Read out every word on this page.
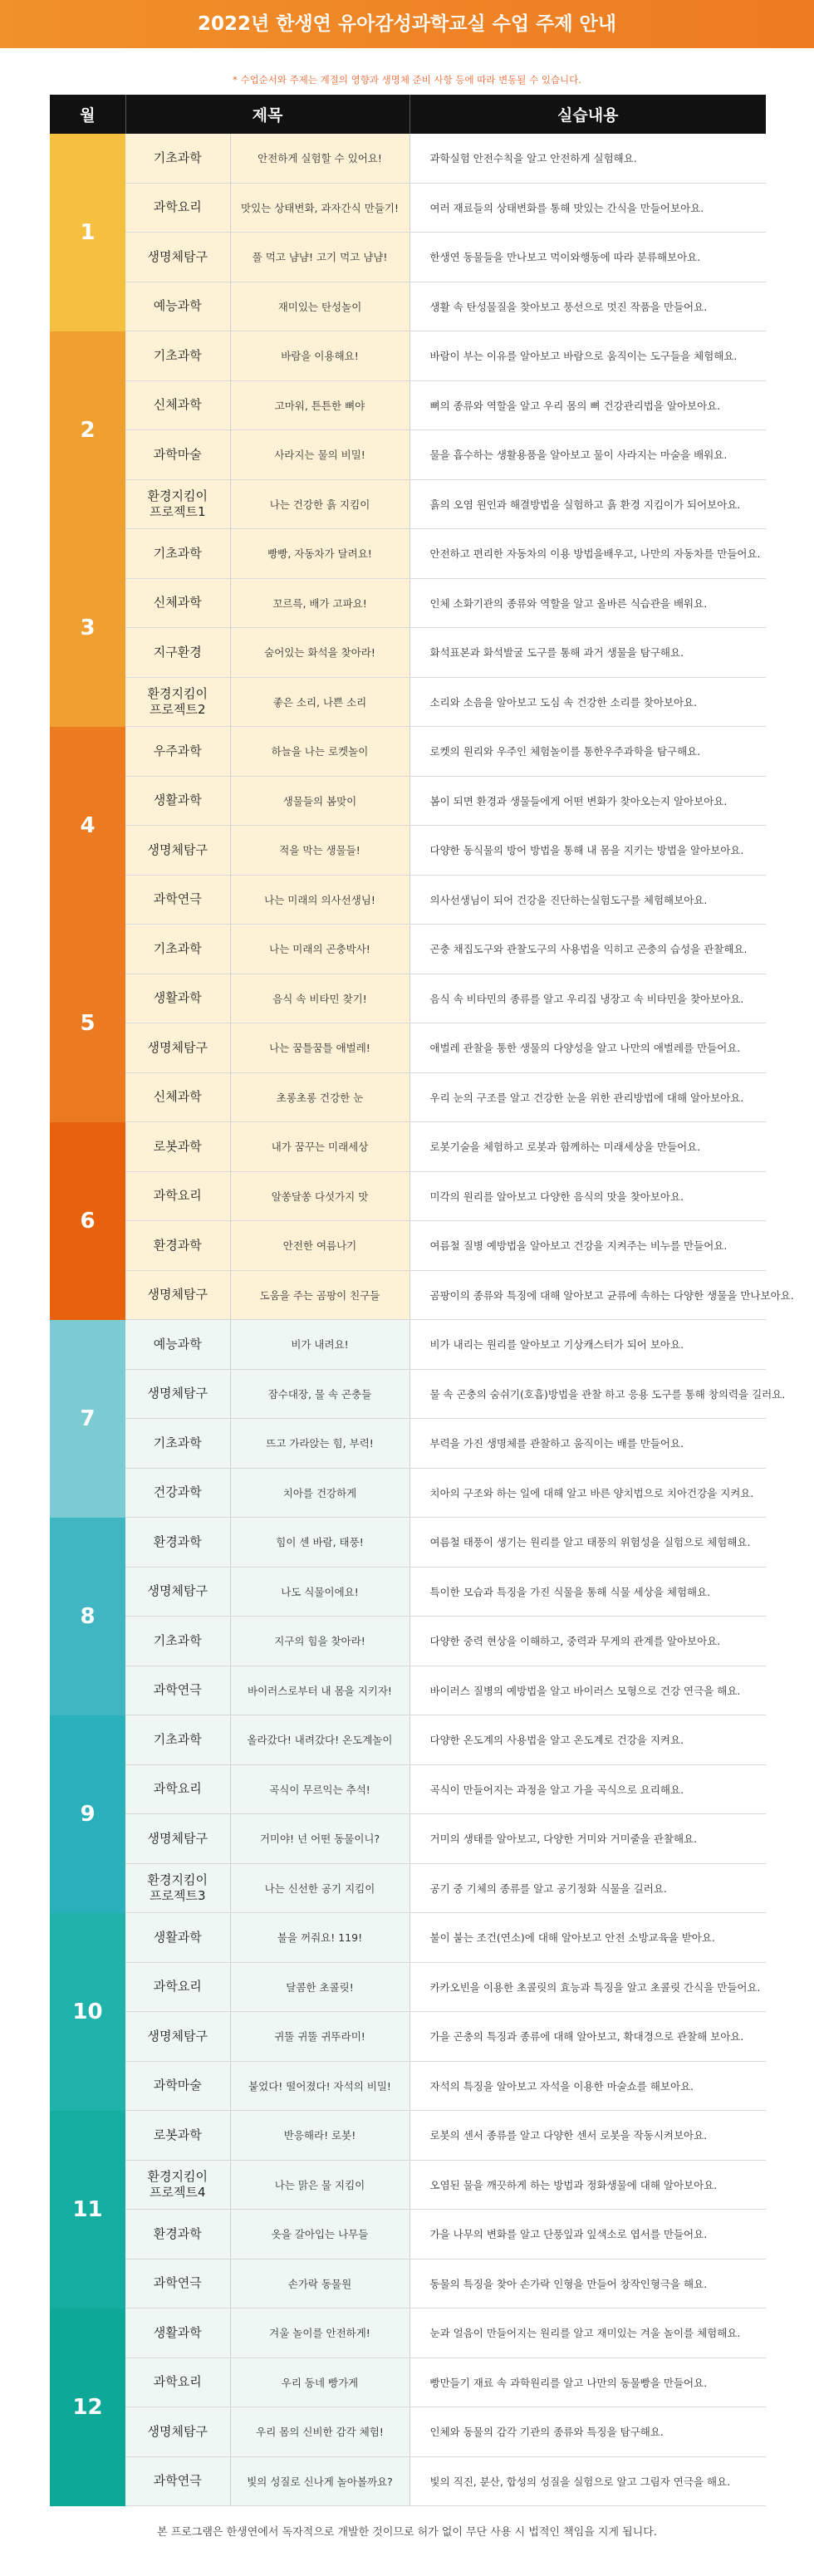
2022년 한생연 유아감성과학교실 수업 주제 안내
* 수업순서와 주제는 계절의 영향과 생명체 준비 사항 등에 따라 변동될 수 있습니다.
월	제목		실습내용
1	기초과학	안전하게 실험할 수 있어요!	과학실험 안전수칙을 알고 안전하게 실험해요.
	과학요리	맛있는 상태변화, 과자간식 만들기!	여러 재료들의 상태변화를 통해 맛있는 간식을 만들어보아요.
	생명체탐구	풀 먹고 냠냠! 고기 먹고 냠냠!	한생연 동물들을 만나보고 먹이와행동에 따라 분류해보아요.
	예능과학	재미있는 탄성놀이	생활 속 탄성물질을 찾아보고 풍선으로 멋진 작품을 만들어요.
2	기초과학	바람을 이용해요!	바람이 부는 이유를 알아보고 바람으로 움직이는 도구들을 체험해요.
	신체과학	고마워, 튼튼한 뼈야	뼈의 종류와 역할을 알고 우리 몸의 뼈 건강관리법을 알아보아요.
	과학마술	사라지는 물의 비밀!	물을 흡수하는 생활용품을 알아보고 물이 사라지는 마술을 배워요.
	환경지킴이
프로젝트1	나는 건강한 흙 지킴이	흙의 오염 원인과 해결방법을 실험하고 흙 환경 지킴이가 되어보아요.
3	기초과학	빵빵, 자동차가 달려요!	안전하고 편리한 자동차의 이용 방법을배우고, 나만의 자동차를 만들어요.
	신체과학	꼬르륵, 배가 고파요!	인체 소화기관의 종류와 역할을 알고 올바른 식습관을 배워요.
	지구환경	숨어있는 화석을 찾아라!	화석표본과 화석발굴 도구를 통해 과거 생물을 탐구해요.
	환경지킴이
프로젝트2	좋은 소리, 나쁜 소리	소리와 소음을 알아보고 도심 속 건강한 소리를 찾아보아요.
4	우주과학	하늘을 나는 로켓놀이	로켓의 원리와 우주인 체험놀이를 통한우주과학을 탐구해요.
	생활과학	생물들의 봄맞이	봄이 되면 환경과 생물들에게 어떤 변화가 찾아오는지 알아보아요.
	생명체탐구	적을 막는 생물들!	다양한 동식물의 방어 방법을 통해 내 몸을 지키는 방법을 알아보아요.
	과학연극	나는 미래의 의사선생님!	의사선생님이 되어 건강을 진단하는실험도구를 체험해보아요.
5	기초과학	나는 미래의 곤충박사!	곤충 채집도구와 관찰도구의 사용법을 익히고 곤충의 습성을 관찰해요.
	생활과학	음식 속 비타민 찾기!	음식 속 비타민의 종류를 알고 우리집 냉장고 속 비타민을 찾아보아요.
	생명체탐구	나는 꿈틀꿈틀 애벌레!	애벌레 관찰을 통한 생물의 다양성을 알고 나만의 애벌레를 만들어요.
	신체과학	초롱초롱 건강한 눈	우리 눈의 구조를 알고 건강한 눈을 위한 관리방법에 대해 알아보아요.
6	로봇과학	내가 꿈꾸는 미래세상	로봇기술을 체험하고 로봇과 함께하는 미래세상을 만들어요.
	과학요리	알쏭달쏭 다섯가지 맛	미각의 원리를 알아보고 다양한 음식의 맛을 찾아보아요.
	환경과학	안전한 여름나기	여름철 질병 예방법을 알아보고 건강을 지켜주는 비누를 만들어요.
	생명체탐구	도움을 주는 곰팡이 친구들	곰팡이의 종류와 특징에 대해 알아보고 균류에 속하는 다양한 생물을 만나보아요.
7	예능과학	비가 내려요!	비가 내리는 원리를 알아보고 기상캐스터가 되어 보아요.
	생명체탐구	잠수대장, 물 속 곤충들	물 속 곤충의 숨쉬기(호흡)방법을 관찰 하고 응용 도구를 통해 창의력을 길러요.
	기초과학	뜨고 가라앉는 힘, 부력!	부력을 가진 생명체를 관찰하고 움직이는 배를 만들어요.
	건강과학	치아를 건강하게	치아의 구조와 하는 일에 대해 알고 바른 양치법으로 치아건강을 지켜요.
8	환경과학	힘이 센 바람, 태풍!	여름철 태풍이 생기는 원리를 알고 태풍의 위험성을 실험으로 체험해요.
	생명체탐구	나도 식물이에요!	특이한 모습과 특징을 가진 식물을 통해 식물 세상을 체험해요.
	기초과학	지구의 힘을 찾아라!	다양한 중력 현상을 이해하고, 중력과 무게의 관계를 알아보아요.
	과학연극	바이러스로부터 내 몸을 지키자!	바이러스 질병의 예방법을 알고 바이러스 모형으로 건강 연극을 해요.
9	기초과학	올라갔다! 내려갔다! 온도계놀이	다양한 온도계의 사용법을 알고 온도계로 건강을 지켜요.
	과학요리	곡식이 무르익는 추석!	곡식이 만들어지는 과정을 알고 가을 곡식으로 요리해요.
	생명체탐구	거미야! 넌 어떤 동물이니?	거미의 생태를 알아보고, 다양한 거미와 거미줄을 관찰해요.
	환경지킴이
프로젝트3	나는 신선한 공기 지킴이	공기 중 기체의 종류를 알고 공기정화 식물을 길러요.
10	생활과학	불을 꺼줘요! 119!	불이 붙는 조건(연소)에 대해 알아보고 안전 소방교육을 받아요.
	과학요리	달콤한 초콜릿!	카카오빈을 이용한 초콜릿의 효능과 특징을 알고 초콜릿 간식을 만들어요.
	생명체탐구	귀뚤 귀뚤 귀뚜라미!	가을 곤충의 특징과 종류에 대해 알아보고, 확대경으로 관찰해 보아요.
	과학마술	붙었다! 떨어졌다! 자석의 비밀!	자석의 특징을 알아보고 자석을 이용한 마술쇼를 해보아요.
11	로봇과학	반응해라! 로봇!	로봇의 센서 종류를 알고 다양한 센서 로봇을 작동시켜보아요.
	환경지킴이
프로젝트4	나는 맑은 물 지킴이	오염된 물을 깨끗하게 하는 방법과 정화생물에 대해 알아보아요.
	환경과학	옷을 갈아입는 나무들	가을 나무의 변화를 알고 단풍잎과 잎색소로 엽서를 만들어요.
	과학연극	손가락 동물원	동물의 특징을 찾아 손가락 인형을 만들어 창작인형극을 해요.
12	생활과학	겨울 놀이를 안전하게!	눈과 얼음이 만들어지는 원리를 알고 재미있는 겨울 놀이를 체험해요.
	과학요리	우리 동네 빵가게	빵만들기 재료 속 과학원리를 알고 나만의 동물빵을 만들어요.
	생명체탐구	우리 몸의 신비한 감각 체험!	인체와 동물의 감각 기관의 종류와 특징을 탐구해요.
	과학연극	빛의 성질로 신나게 놀아볼까요?	빛의 직진, 분산, 합성의 성질을 실험으로 알고 그림자 연극을 해요.
본 프로그램은 한생연에서 독자적으로 개발한 것이므로 허가 없이 무단 사용 시 법적인 책임을 지게 됩니다.
